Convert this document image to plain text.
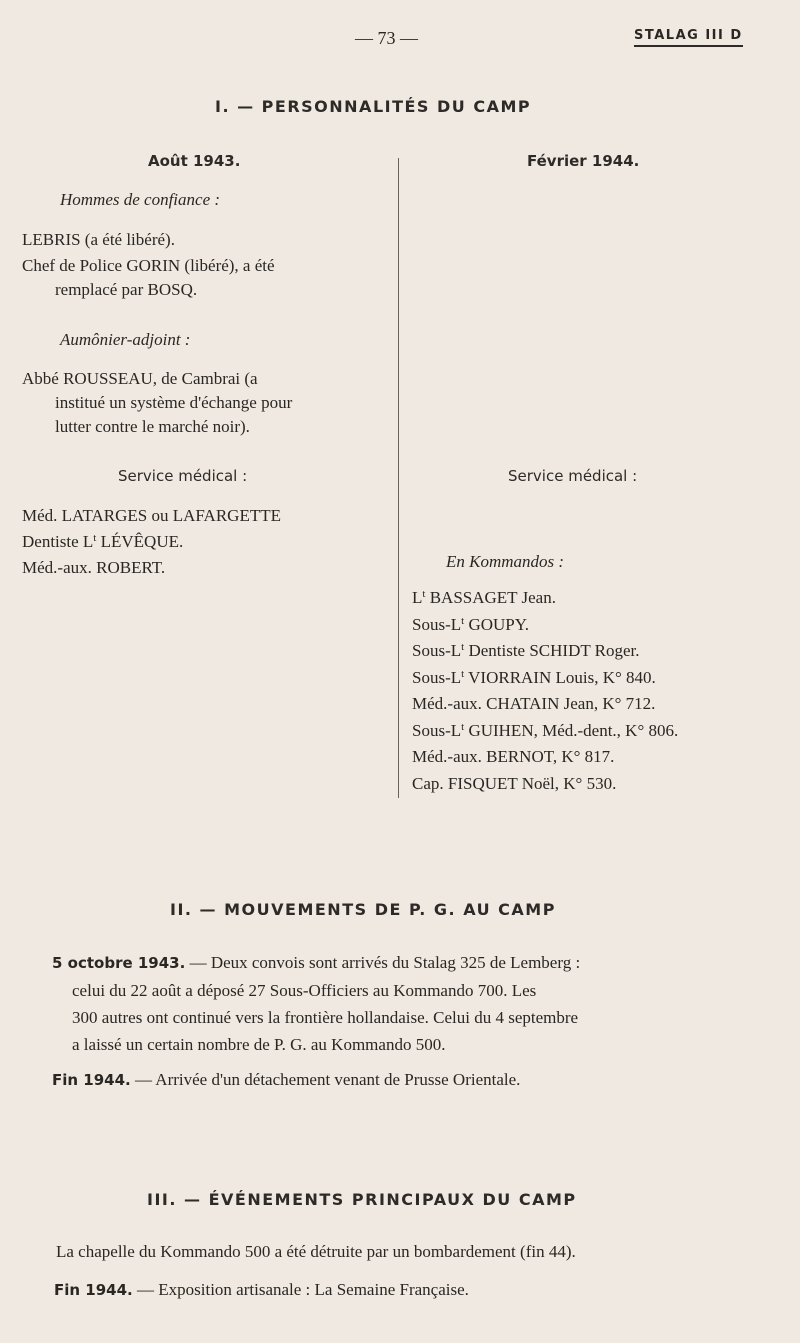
— 73 —	STALAG III D
I. — PERSONNALITÉS DU CAMP
Août 1943.
Hommes de confiance :
LEBRIS (a été libéré).
Chef de Police GORIN (libéré), a été
remplacé par BOSQ.
Aumônier-adjoint :
Abbé ROUSSEAU, de Cambrai (a
institué un système d'échange pour
lutter contre le marché noir).
Service médical :
Méd. LATARGES ou LAFARGETTE
Dentiste $L^t$ LÉVÊQUE.
Méd.-aux. ROBERT.
Février 1944.
Service médical :
En Kommandos :
$L^t$ BASSAGET Jean.
Sous-$L^t$ GOUPY.
Sous-$L^t$ Dentiste SCHIDT Roger.
Sous-$L^t$ VIORRAIN Louis, K° 840.
Méd.-aux. CHATAIN Jean, K° 712.
Sous-$L^t$ GUIHEN, Méd.-dent., K° 806.
Méd.-aux. BERNOT, K° 817.
Cap. FISQUET Noël, K° 530.
II. — MOUVEMENTS DE P. G. AU CAMP
5 octobre 1943. — Deux convois sont arrivés du Stalag 325 de Lemberg :
celui du 22 août a déposé 27 Sous-Officiers au Kommando 700. Les
300 autres ont continué vers la frontière hollandaise. Celui du 4 septembre
a laissé un certain nombre de P. G. au Kommando 500.
Fin 1944. — Arrivée d'un détachement venant de Prusse Orientale.
III. — ÉVÉNEMENTS PRINCIPAUX DU CAMP
La chapelle du Kommando 500 a été détruite par un bombardement (fin 44).
Fin 1944. — Exposition artisanale : La Semaine Française.
